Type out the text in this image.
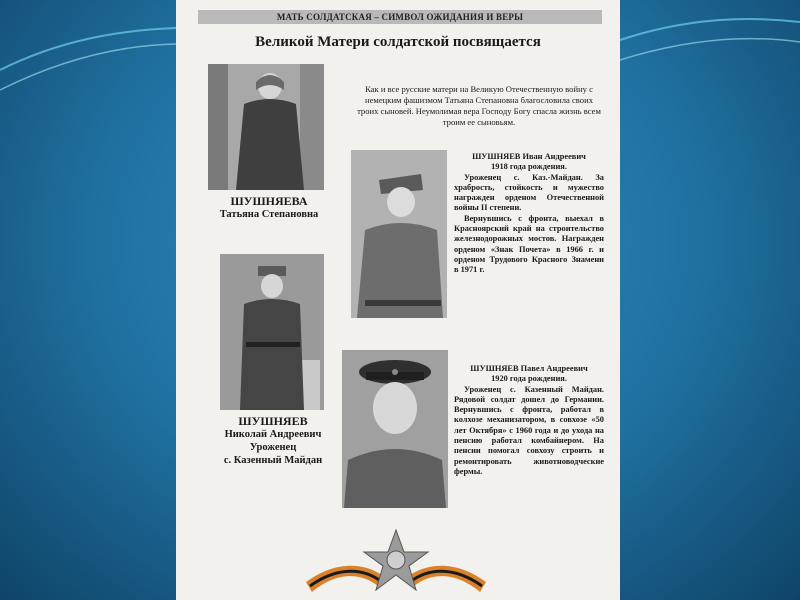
МАТЬ СОЛДАТСКАЯ – СИМВОЛ ОЖИДАНИЯ И ВЕРЫ
Великой Матери солдатской посвящается
ШУШНЯЕВА
Татьяна Степановна
Как и все русские матери на Великую Отечественную войну с немецким фашизмом Татьяна Степановна благословила своих троих сыновей. Неумолимая вера Господу Богу спасла жизнь всем троим ее сыновьям.
ШУШНЯЕВ Иван Андреевич
1918 года рождения.

Уроженец с. Каз.-Майдан. За храбрость, стойкость и мужество награжден орденом Отечественной войны II степени.

Вернувшись с фронта, выехал в Красноярский край на строительство железнодорожных мостов. Награжден орденом «Знак Почета» в 1966 г. и орденом Трудового Красного Знамени в 1971 г.

ШУШНЯЕВ
Николай Андреевич
Уроженец
с. Казенный Майдан
ШУШНЯЕВ Павел Андреевич
1920 года рождения.

Уроженец с. Казенный Майдан. Рядовой солдат дошел до Германии. Вернувшись с фронта, работал в колхозе механизатором, в совхозе «50 лет Октября» с 1960 года и до ухода на пенсию работал комбайнером. На пенсии помогал совхозу строить и ремонтировать животноводческие фермы.
